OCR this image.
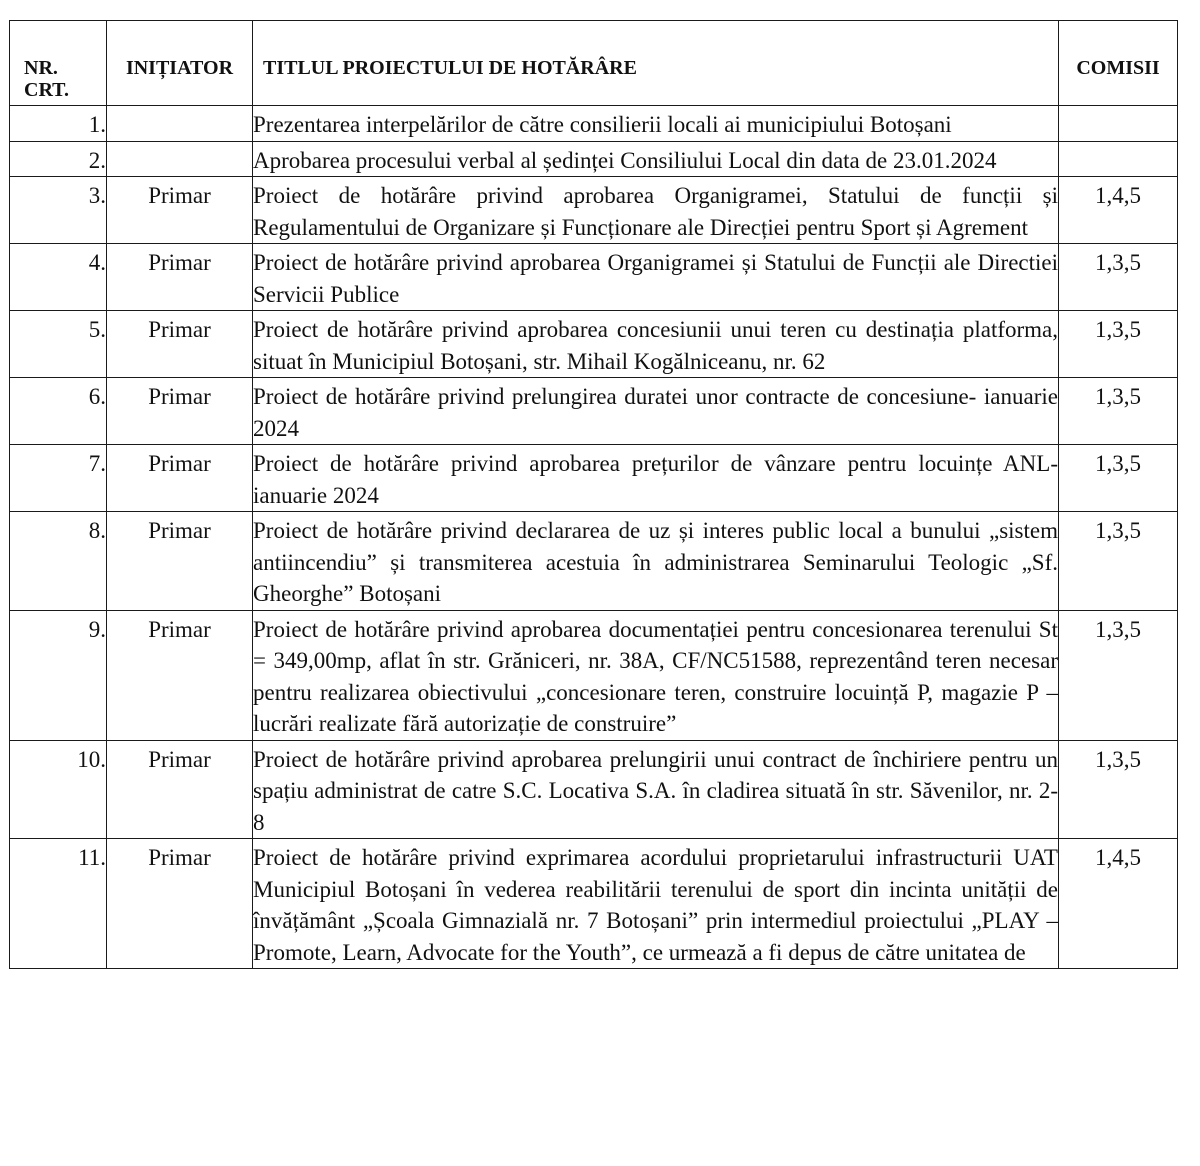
NR. CRT.	INIȚIATOR	TITLUL PROIECTULUI DE HOTĂRÂRE	COMISII

1.		Prezentarea interpelărilor de către consilierii locali ai municipiului Botoșani	

2.		Aprobarea procesului verbal al ședinței Consiliului Local din data de 23.01.2024	

3.	Primar	Proiect de hotărâre privind aprobarea Organigramei, Statului de funcții și Regulamentului de Organizare și Funcționare ale Direcției pentru Sport și Agrement	1,4,5

4.	Primar	Proiect de hotărâre privind aprobarea Organigramei și Statului de Funcții ale Directiei Servicii Publice	1,3,5

5.	Primar	Proiect de hotărâre privind aprobarea concesiunii unui teren cu destinația platforma, situat în Municipiul Botoșani, str. Mihail Kogălniceanu, nr. 62	1,3,5

6.	Primar	Proiect de hotărâre privind prelungirea duratei unor contracte de concesiune- ianuarie 2024	1,3,5

7.	Primar	Proiect de hotărâre privind aprobarea prețurilor de vânzare pentru locuințe ANL- ianuarie 2024	1,3,5

8.	Primar	Proiect de hotărâre privind declararea de uz și interes public local a bunului „sistem antiincendiu” și transmiterea acestuia în administrarea Seminarului Teologic „Sf. Gheorghe” Botoșani	1,3,5

9.	Primar	Proiect de hotărâre privind aprobarea documentației pentru concesionarea terenului St = 349,00mp, aflat în str. Grăniceri, nr. 38A, CF/NC51588, reprezentând teren necesar pentru realizarea obiectivului „concesionare teren, construire locuință P, magazie P – lucrări realizate fără autorizație de construire”	1,3,5

10.	Primar	Proiect de hotărâre privind aprobarea prelungirii unui contract de închiriere pentru un spațiu administrat de catre S.C. Locativa S.A. în cladirea situată în str. Săvenilor, nr. 2-8	1,3,5

11.	Primar	Proiect de hotărâre privind exprimarea acordului proprietarului infrastructurii UAT Municipiul Botoșani în vederea reabilitării terenului de sport din incinta unității de învățământ „Școala Gimnazială nr. 7 Botoșani” prin intermediul proiectului „PLAY – Promote, Learn, Advocate for the Youth”, ce urmează a fi depus de către unitatea de	1,4,5
